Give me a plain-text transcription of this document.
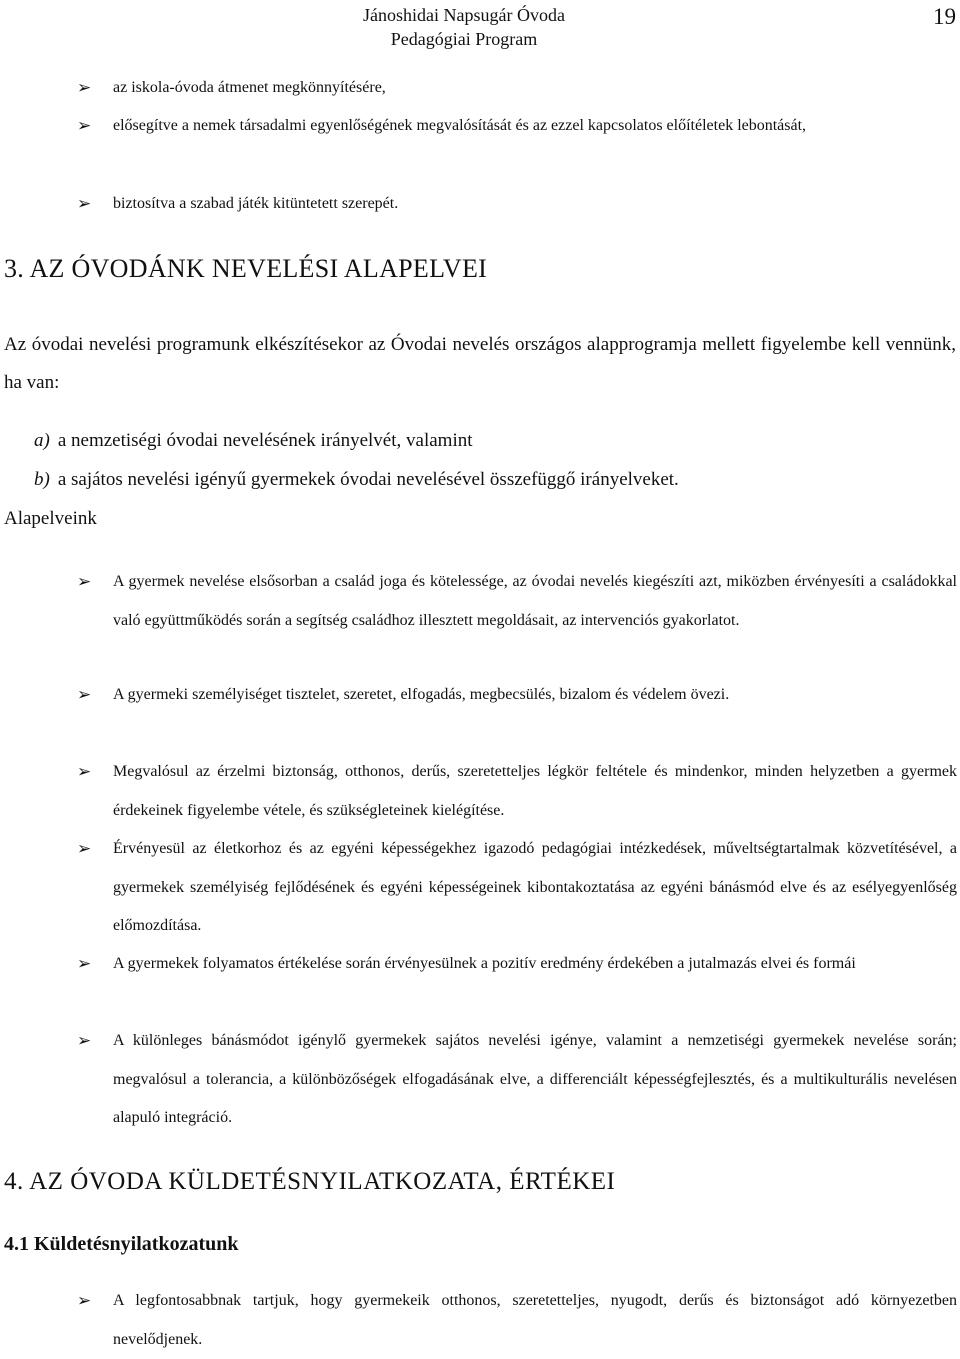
Jánoshidai Napsugár Óvoda
Pedagógiai Program
19
➢ az iskola-óvoda átmenet megkönnyítésére,
➢ elősegítve a nemek társadalmi egyenlőségének megvalósítását és az ezzel kapcsolatos előítéletek lebontását,
➢ biztosítva a szabad játék kitüntetett szerepét.
3. AZ ÓVODÁNK NEVELÉSI ALAPELVEI
Az óvodai nevelési programunk elkészítésekor az Óvodai nevelés országos alapprogramja mellett figyelembe kell vennünk, ha van:
a) a nemzetiségi óvodai nevelésének irányelvét, valamint
b) a sajátos nevelési igényű gyermekek óvodai nevelésével összefüggő irányelveket.
Alapelveink
➢ A gyermek nevelése elsősorban a család joga és kötelessége, az óvodai nevelés kiegészíti azt, miközben érvényesíti a családokkal való együttműködés során a segítség családhoz illesztett megoldásait, az intervenciós gyakorlatot.
➢ A gyermeki személyiséget tisztelet, szeretet, elfogadás, megbecsülés, bizalom és védelem övezi.
➢ Megvalósul az érzelmi biztonság, otthonos, derűs, szeretetteljes légkör feltétele és mindenkor, minden helyzetben a gyermek érdekeinek figyelembe vétele, és szükségleteinek kielégítése.
➢ Érvényesül az életkorhoz és az egyéni képességekhez igazodó pedagógiai intézkedések, műveltségtartalmak közvetítésével, a gyermekek személyiség fejlődésének és egyéni képességeinek kibontakoztatása az egyéni bánásmód elve és az esélyegyenlőség előmozdítása.
➢ A gyermekek folyamatos értékelése során érvényesülnek a pozitív eredmény érdekében a jutalmazás elvei és formái
➢ A különleges bánásmódot igénylő gyermekek sajátos nevelési igénye, valamint a nemzetiségi gyermekek nevelése során; megvalósul a tolerancia, a különbözőségek elfogadásának elve, a differenciált képességfejlesztés, és a multikulturális nevelésen alapuló integráció.
4. AZ ÓVODA KÜLDETÉSNYILATKOZATA, ÉRTÉKEI
4.1 Küldetésnyilatkozatunk
➢ A legfontosabbnak tartjuk, hogy gyermekeik otthonos, szeretetteljes, nyugodt, derűs és biztonságot adó környezetben nevelődjenek.
